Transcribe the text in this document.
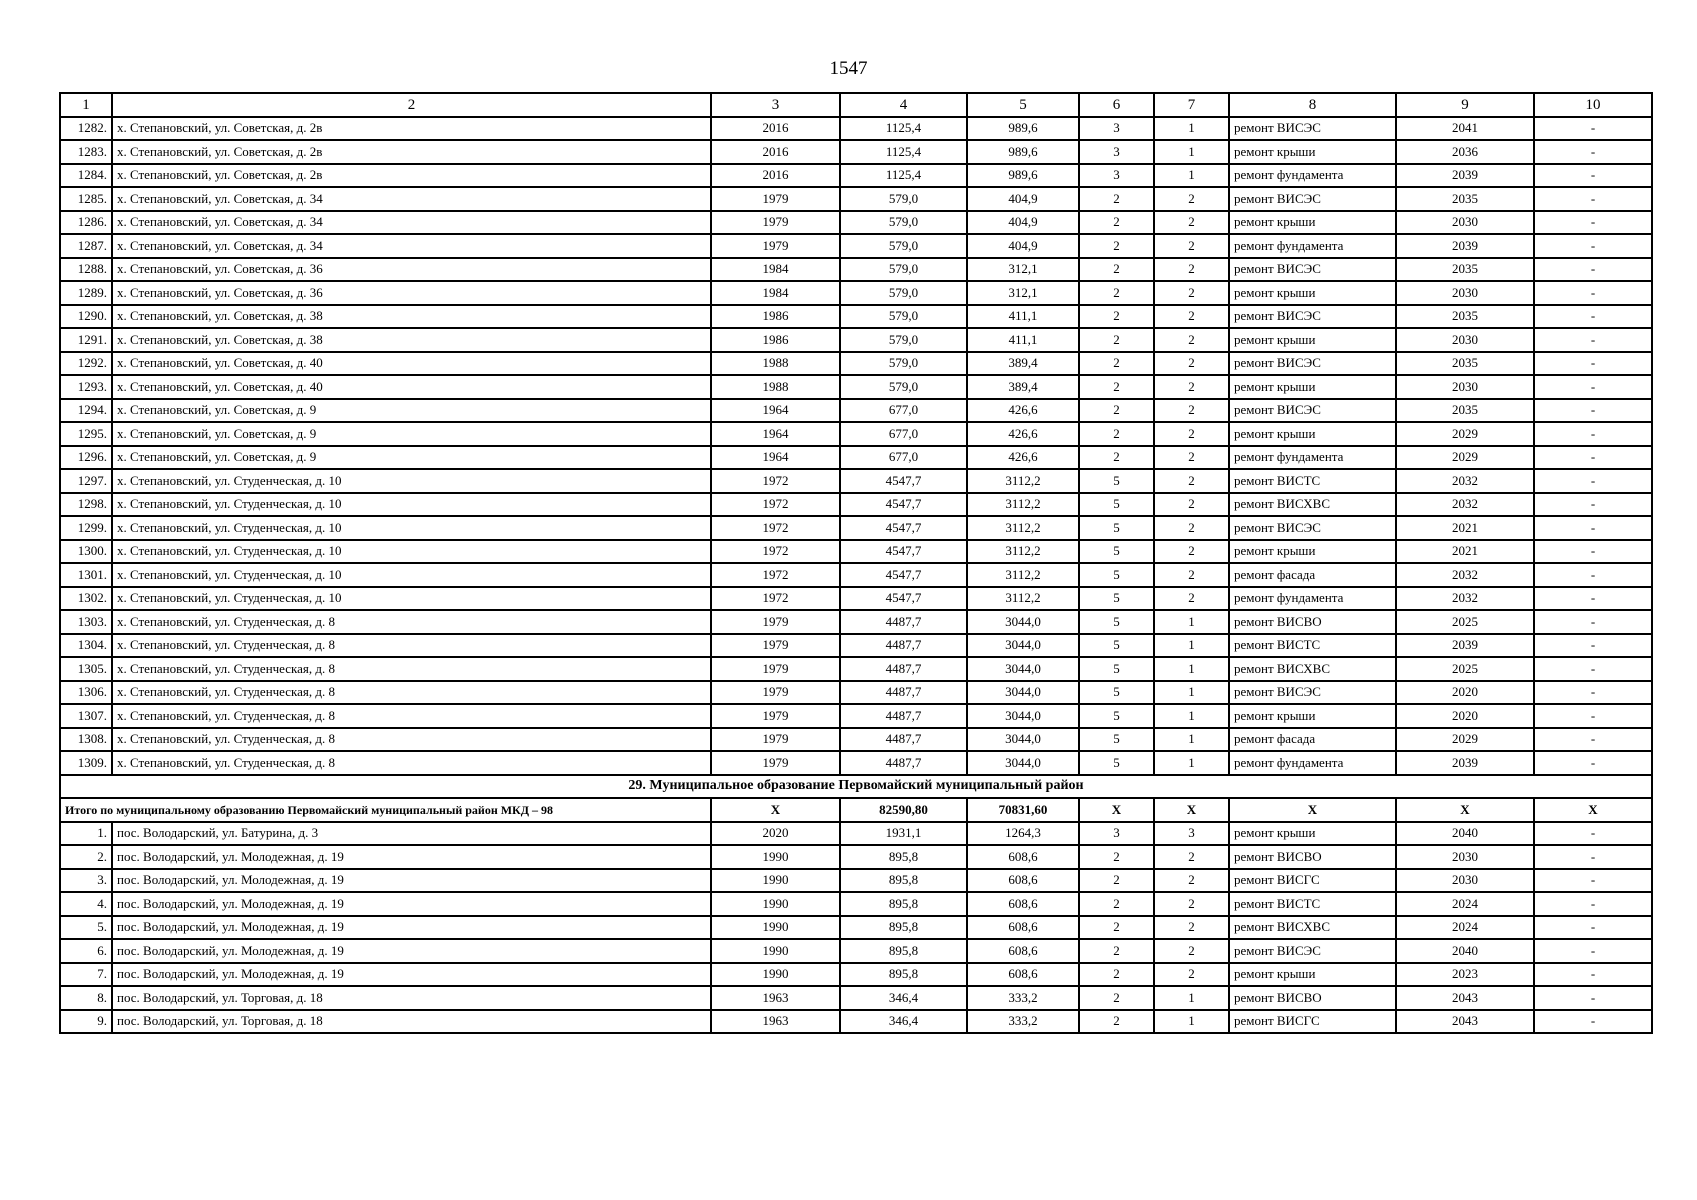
1547
1	2	3	4	5	6	7	8	9	10
1282.	х. Степановский, ул. Советская, д. 2в	2016	1125,4	989,6	3	1	ремонт ВИСЭС	2041	-
1283.	х. Степановский, ул. Советская, д. 2в	2016	1125,4	989,6	3	1	ремонт крыши	2036	-
1284.	х. Степановский, ул. Советская, д. 2в	2016	1125,4	989,6	3	1	ремонт фундамента	2039	-
1285.	х. Степановский, ул. Советская, д. 34	1979	579,0	404,9	2	2	ремонт ВИСЭС	2035	-
1286.	х. Степановский, ул. Советская, д. 34	1979	579,0	404,9	2	2	ремонт крыши	2030	-
1287.	х. Степановский, ул. Советская, д. 34	1979	579,0	404,9	2	2	ремонт фундамента	2039	-
1288.	х. Степановский, ул. Советская, д. 36	1984	579,0	312,1	2	2	ремонт ВИСЭС	2035	-
1289.	х. Степановский, ул. Советская, д. 36	1984	579,0	312,1	2	2	ремонт крыши	2030	-
1290.	х. Степановский, ул. Советская, д. 38	1986	579,0	411,1	2	2	ремонт ВИСЭС	2035	-
1291.	х. Степановский, ул. Советская, д. 38	1986	579,0	411,1	2	2	ремонт крыши	2030	-
1292.	х. Степановский, ул. Советская, д. 40	1988	579,0	389,4	2	2	ремонт ВИСЭС	2035	-
1293.	х. Степановский, ул. Советская, д. 40	1988	579,0	389,4	2	2	ремонт крыши	2030	-
1294.	х. Степановский, ул. Советская, д. 9	1964	677,0	426,6	2	2	ремонт ВИСЭС	2035	-
1295.	х. Степановский, ул. Советская, д. 9	1964	677,0	426,6	2	2	ремонт крыши	2029	-
1296.	х. Степановский, ул. Советская, д. 9	1964	677,0	426,6	2	2	ремонт фундамента	2029	-
1297.	х. Степановский, ул. Студенческая, д. 10	1972	4547,7	3112,2	5	2	ремонт ВИСТС	2032	-
1298.	х. Степановский, ул. Студенческая, д. 10	1972	4547,7	3112,2	5	2	ремонт ВИСХВС	2032	-
1299.	х. Степановский, ул. Студенческая, д. 10	1972	4547,7	3112,2	5	2	ремонт ВИСЭС	2021	-
1300.	х. Степановский, ул. Студенческая, д. 10	1972	4547,7	3112,2	5	2	ремонт крыши	2021	-
1301.	х. Степановский, ул. Студенческая, д. 10	1972	4547,7	3112,2	5	2	ремонт фасада	2032	-
1302.	х. Степановский, ул. Студенческая, д. 10	1972	4547,7	3112,2	5	2	ремонт фундамента	2032	-
1303.	х. Степановский, ул. Студенческая, д. 8	1979	4487,7	3044,0	5	1	ремонт ВИСВО	2025	-
1304.	х. Степановский, ул. Студенческая, д. 8	1979	4487,7	3044,0	5	1	ремонт ВИСТС	2039	-
1305.	х. Степановский, ул. Студенческая, д. 8	1979	4487,7	3044,0	5	1	ремонт ВИСХВС	2025	-
1306.	х. Степановский, ул. Студенческая, д. 8	1979	4487,7	3044,0	5	1	ремонт ВИСЭС	2020	-
1307.	х. Степановский, ул. Студенческая, д. 8	1979	4487,7	3044,0	5	1	ремонт крыши	2020	-
1308.	х. Степановский, ул. Студенческая, д. 8	1979	4487,7	3044,0	5	1	ремонт фасада	2029	-
1309.	х. Степановский, ул. Студенческая, д. 8	1979	4487,7	3044,0	5	1	ремонт фундамента	2039	-
29. Муниципальное образование Первомайский муниципальный район									
Итого по муниципальному образованию Первомайский муниципальный район МКД – 98		X	82590,80	70831,60	X	X	X	X	X
1.	пос. Володарский, ул. Батурина, д. 3	2020	1931,1	1264,3	3	3	ремонт крыши	2040	-
2.	пос. Володарский, ул. Молодежная, д. 19	1990	895,8	608,6	2	2	ремонт ВИСВО	2030	-
3.	пос. Володарский, ул. Молодежная, д. 19	1990	895,8	608,6	2	2	ремонт ВИСГС	2030	-
4.	пос. Володарский, ул. Молодежная, д. 19	1990	895,8	608,6	2	2	ремонт ВИСТС	2024	-
5.	пос. Володарский, ул. Молодежная, д. 19	1990	895,8	608,6	2	2	ремонт ВИСХВС	2024	-
6.	пос. Володарский, ул. Молодежная, д. 19	1990	895,8	608,6	2	2	ремонт ВИСЭС	2040	-
7.	пос. Володарский, ул. Молодежная, д. 19	1990	895,8	608,6	2	2	ремонт крыши	2023	-
8.	пос. Володарский, ул. Торговая, д. 18	1963	346,4	333,2	2	1	ремонт ВИСВО	2043	-
9.	пос. Володарский, ул. Торговая, д. 18	1963	346,4	333,2	2	1	ремонт ВИСГС	2043	-
